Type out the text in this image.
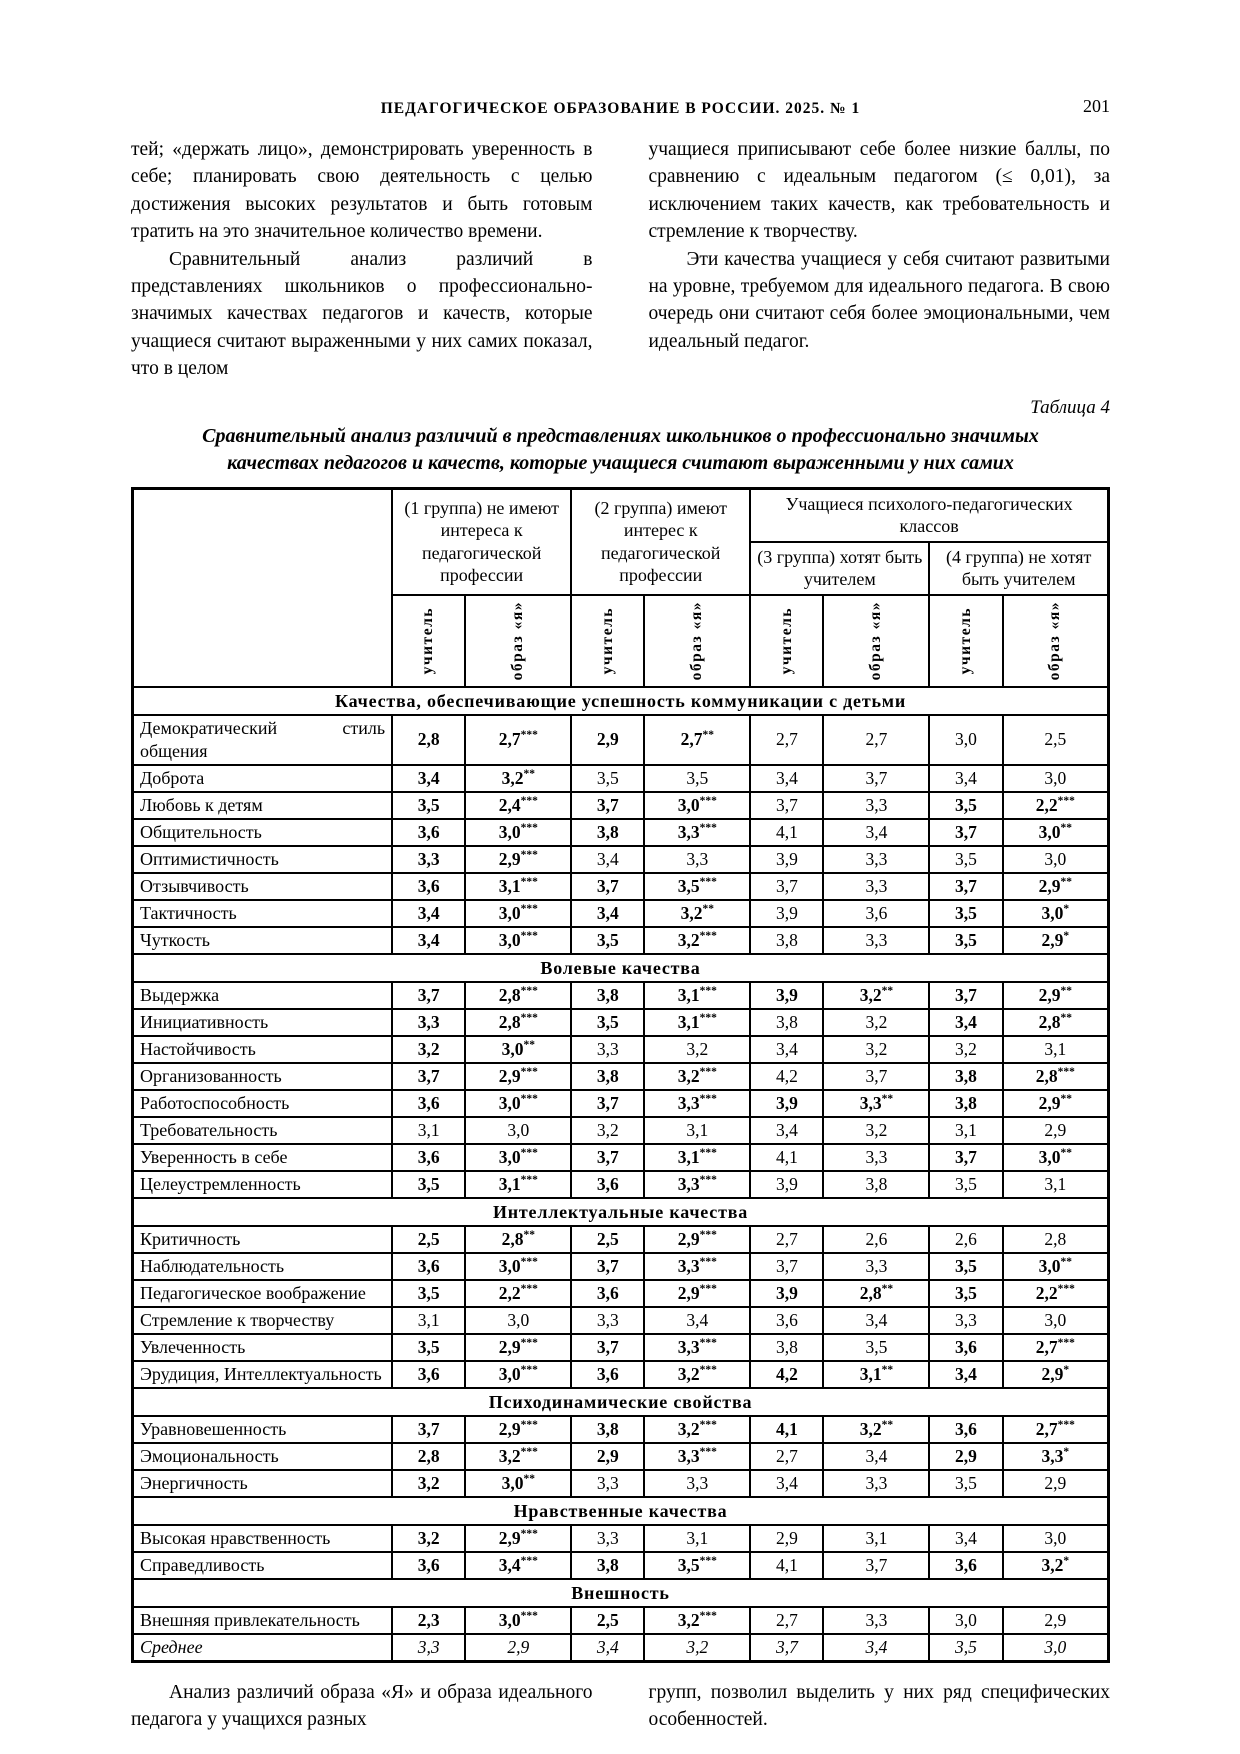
ПЕДАГОГИЧЕСКОЕ ОБРАЗОВАНИЕ В РОССИИ. 2025. № 1	201

тей; «держать лицо», демонстрировать уверенность в себе; планировать свою деятельность с целью достижения высоких результатов и быть готовым тратить на это значительное количество времени.

Сравнительный анализ различий в представлениях школьников о профессионально-значимых качествах педагогов и качеств, которые учащиеся считают выраженными у них самих показал, что в целом

учащиеся приписывают себе более низкие баллы, по сравнению с идеальным педагогом (≤ 0,01), за исключением таких качеств, как требовательность и стремление к творчеству.

Эти качества учащиеся у себя считают развитыми на уровне, требуемом для идеального педагога. В свою очередь они считают себя более эмоциональными, чем идеальный педагог.

Таблица 4
Сравнительный анализ различий в представлениях школьников о профессионально значимых качествах педагогов и качеств, которые учащиеся считают выраженными у них самих
	(1 группа) не имеют интереса к педагогической профессии		(2 группа) имеют интерес к педагогической профессии		Учащиеся психолого-педагогических классов			
					(3 группа) хотят быть учителем		(4 группа) не хотят быть учителем	

	учитель	образ «я»	учитель	образ «я»	учитель	образ «я»	учитель	образ «я»

Качества, обеспечивающие успешность коммуникации с детьми								
Демократический стиль общения	2,8	2,7***	2,9	2,7**	2,7	2,7	3,0	2,5
Доброта	3,4	3,2**	3,5	3,5	3,4	3,7	3,4	3,0
Любовь к детям	3,5	2,4***	3,7	3,0***	3,7	3,3	3,5	2,2***
Общительность	3,6	3,0***	3,8	3,3***	4,1	3,4	3,7	3,0**
Оптимистичность	3,3	2,9***	3,4	3,3	3,9	3,3	3,5	3,0
Отзывчивость	3,6	3,1***	3,7	3,5***	3,7	3,3	3,7	2,9**
Тактичность	3,4	3,0***	3,4	3,2**	3,9	3,6	3,5	3,0*
Чуткость	3,4	3,0***	3,5	3,2***	3,8	3,3	3,5	2,9*
Волевые качества								
Выдержка	3,7	2,8***	3,8	3,1***	3,9	3,2**	3,7	2,9**
Инициативность	3,3	2,8***	3,5	3,1***	3,8	3,2	3,4	2,8**
Настойчивость	3,2	3,0**	3,3	3,2	3,4	3,2	3,2	3,1
Организованность	3,7	2,9***	3,8	3,2***	4,2	3,7	3,8	2,8***
Работоспособность	3,6	3,0***	3,7	3,3***	3,9	3,3**	3,8	2,9**
Требовательность	3,1	3,0	3,2	3,1	3,4	3,2	3,1	2,9
Уверенность в себе	3,6	3,0***	3,7	3,1***	4,1	3,3	3,7	3,0**
Целеустремленность	3,5	3,1***	3,6	3,3***	3,9	3,8	3,5	3,1
Интеллектуальные качества								
Критичность	2,5	2,8**	2,5	2,9***	2,7	2,6	2,6	2,8
Наблюдательность	3,6	3,0***	3,7	3,3***	3,7	3,3	3,5	3,0**
Педагогическое воображение	3,5	2,2***	3,6	2,9***	3,9	2,8**	3,5	2,2***
Стремление к творчеству	3,1	3,0	3,3	3,4	3,6	3,4	3,3	3,0
Увлеченность	3,5	2,9***	3,7	3,3***	3,8	3,5	3,6	2,7***
Эрудиция, Интеллектуальность	3,6	3,0***	3,6	3,2***	4,2	3,1**	3,4	2,9*
Психодинамические свойства								
Уравновешенность	3,7	2,9***	3,8	3,2***	4,1	3,2**	3,6	2,7***
Эмоциональность	2,8	3,2***	2,9	3,3***	2,7	3,4	2,9	3,3*
Энергичность	3,2	3,0**	3,3	3,3	3,4	3,3	3,5	2,9
Нравственные качества								
Высокая нравственность	3,2	2,9***	3,3	3,1	2,9	3,1	3,4	3,0
Справедливость	3,6	3,4***	3,8	3,5***	4,1	3,7	3,6	3,2*
Внешность								
Внешняя привлекательность	2,3	3,0***	2,5	3,2***	2,7	3,3	3,0	2,9
Среднее	3,3	2,9	3,4	3,2	3,7	3,4	3,5	3,0

Анализ различий образа «Я» и образа идеального педагога у учащихся разных

групп, позволил выделить у них ряд специфических особенностей.
